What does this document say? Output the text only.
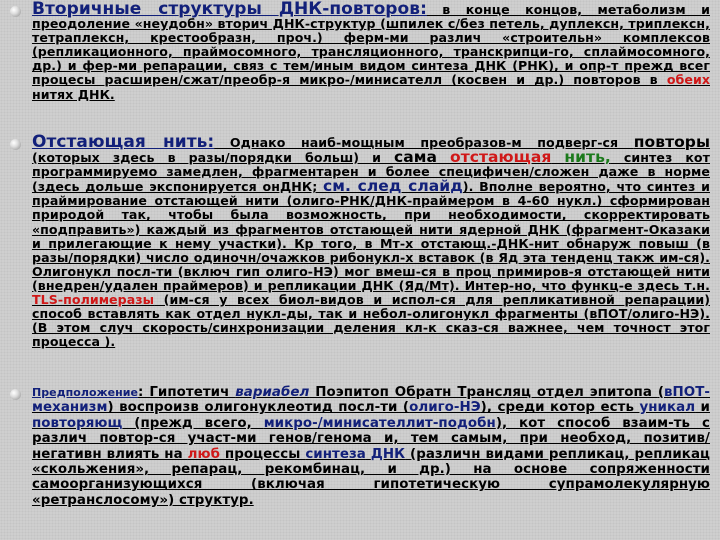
Вторичные структуры ДНК-повторов: в конце концов, метаболизм и преодоление «неудобн» вторич ДНК-структур (шпилек с/без петель, дуплексн, триплексн, тетраплексн, крестообразн, проч.) ферм-ми различ «строительн» комплексов (репликационного, праймосомного, трансляционного, транскрипци-го, сплаймосомного, др.) и фер-ми репарации, связ с тем/иным видом синтеза ДНК (РНК), и опр-т прежд всег процесы расширен/сжат/преобр-я микро-/минисателл (косвен и др.) повторов в обеих нитях ДНК.
Отстающая нить: Однако наиб-мощным преобразов-м подверг-ся повторы (которых здесь в разы/порядки больш) и сама отстающая нить, синтез кот программируемо замедлен, фрагментарен и более специфичен/сложен даже в норме (здесь дольше экспонируется онДНК; см. след слайд). Вполне вероятно, что синтез и праймирование отстающей нити (олиго-РНК/ДНК-праймером в 4-60 нукл.) сформирован природой так, чтобы была возможность, при необходимости, скорректировать «подправить») каждый из фрагментов отстающей нити ядерной ДНК (фрагмент-Оказаки и прилегающие к нему участки). Кр того, в Мт-х отстающ.-ДНК-нит обнаруж повыш (в разы/порядки) число одиночн/очажков рибонукл-х вставок (в Яд эта тенденц такж им-ся). Олигонукл посл-ти (включ гип олиго-НЭ) мог вмеш-ся в проц примиров-я отстающей нити (внедрен/удален праймеров) и репликации ДНК (Яд/Мт). Интер-но, что функц-е здесь т.н. TLS-полимеразы (им-ся у всех биол-видов и испол-ся для репликативной репарации) способ вставлять как отдел нукл-ды, так и небол-олигонукл фрагменты (вПОТ/олиго-НЭ). (В этом случ скорость/синхронизации деления кл-к сказ-ся важнее, чем точност этог процесса ).
Предположение: Гипотетич вариабел Поэпитоп Обратн Трансляц отдел эпитопа (вПОТ-механизм) воспроизв олигонуклеотид посл-ти (олиго-НЭ), среди котор есть уникал и повторяющ (прежд всего, микро-/минисателлит-подобн), кот способ взаим-ть с различ повтор-ся участ-ми генов/генома и, тем самым, при необход, позитив/негативн влиять на люб процессы синтеза ДНК (различн видами репликац, репликац «скольжения», репарац, рекомбинац, и др.) на основе сопряженности самоорганизующихся (включая гипотетическую супрамолекулярную «ретранслосому») структур.
